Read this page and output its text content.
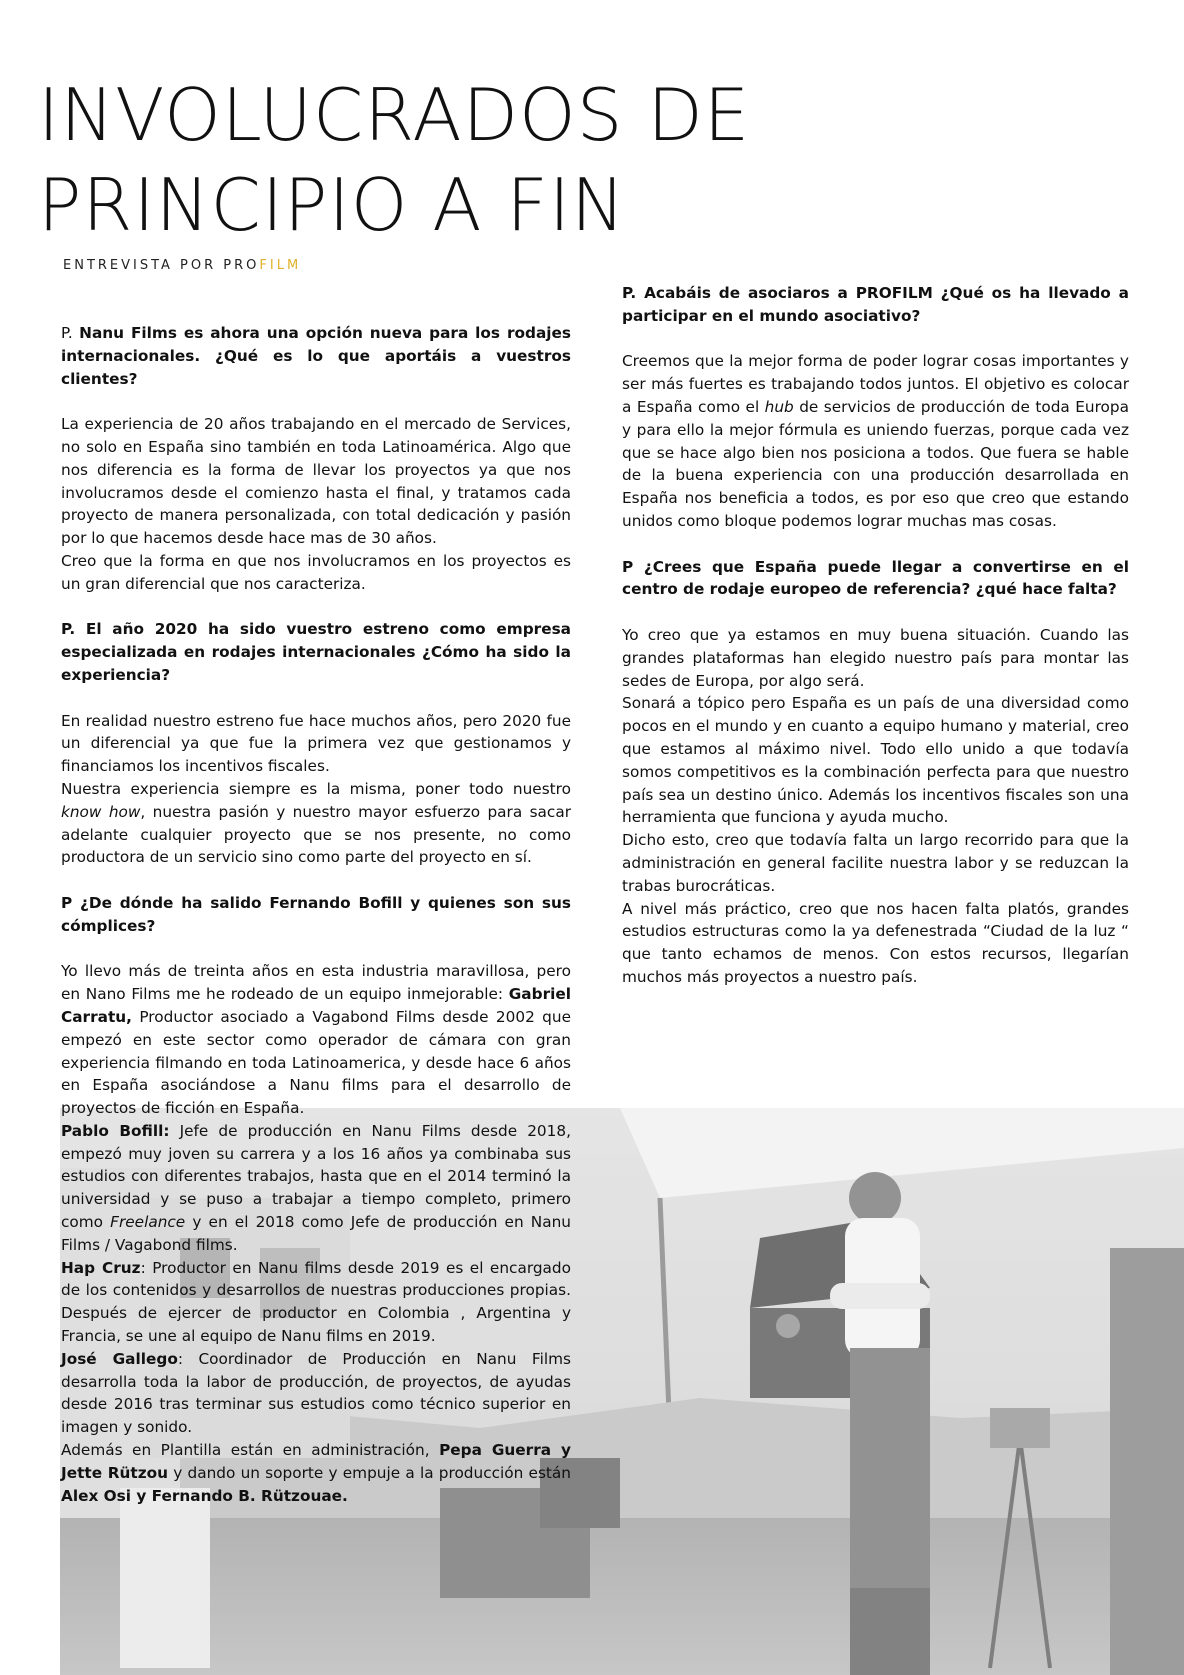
INVOLUCRADOS DE
PRINCIPIO A FIN
ENTREVISTA POR PROFILM

P. Nanu Films es ahora una opción nueva para los rodajes internacionales. ¿Qué es lo que aportáis a vuestros clientes?

La experiencia de 20 años trabajando en el mercado de Services, no solo en España sino también en toda Latinoamérica. Algo que nos diferencia es la forma de llevar los proyectos ya que nos involucramos desde el comienzo hasta el final, y tratamos cada proyecto de manera personalizada, con total dedicación y pasión por lo que hacemos desde hace mas de 30 años.

Creo que la forma en que nos involucramos en los proyectos es un gran diferencial que nos caracteriza.

P. El año 2020 ha sido vuestro estreno como empresa especializada en rodajes internacionales ¿Cómo ha sido la experiencia?

En realidad nuestro estreno fue hace muchos años, pero 2020 fue un diferencial ya que fue la primera vez que gestionamos y financiamos los incentivos fiscales.

Nuestra experiencia siempre es la misma, poner todo nuestro know how, nuestra pasión y nuestro mayor esfuerzo para sacar adelante cualquier proyecto que se nos presente, no como productora de un servicio sino como parte del proyecto en sí.

P ¿De dónde ha salido Fernando Bofill y quienes son sus cómplices?

Yo llevo más de treinta años en esta industria maravillosa, pero en Nano Films me he rodeado de un equipo inmejorable: Gabriel Carratu, Productor asociado a Vagabond Films desde 2002 que empezó en este sector como operador de cámara con gran experiencia filmando en toda Latinoamerica, y desde hace 6 años en España asociándose a Nanu films para el desarrollo de proyectos de ficción en España.

Pablo Bofill: Jefe de producción en Nanu Films desde 2018, empezó muy joven su carrera y a los 16 años ya combinaba sus estudios con diferentes trabajos, hasta que en el 2014 terminó la universidad y se puso a trabajar a tiempo completo, primero como Freelance y en el 2018 como Jefe de producción en Nanu Films / Vagabond films.

Hap Cruz: Productor en Nanu films desde 2019 es el encargado de los contenidos y desarrollos de nuestras producciones propias. Después de ejercer de productor en Colombia , Argentina y Francia, se une al equipo de Nanu films en 2019.

José Gallego: Coordinador de Producción en Nanu Films desarrolla toda la labor de producción, de proyectos, de ayudas desde 2016 tras terminar sus estudios como técnico superior en imagen y sonido.

Además en Plantilla están en administración, Pepa Guerra y Jette Rützou y dando un soporte y empuje a la producción están Alex Osi y Fernando B. Rützouae.

P. Acabáis de asociaros a PROFILM ¿Qué os ha llevado a participar en el mundo asociativo?

Creemos que la mejor forma de poder lograr cosas importantes y ser más fuertes es trabajando todos juntos. El objetivo es colocar a España como el hub de servicios de producción de toda Europa y para ello la mejor fórmula es uniendo fuerzas, porque cada vez que se hace algo bien nos posiciona a todos. Que fuera se hable de la buena experiencia con una producción desarrollada en España nos beneficia a todos, es por eso que creo que estando unidos como bloque podemos lograr muchas mas cosas.

P ¿Crees que España puede llegar a convertirse en el centro de rodaje europeo de referencia? ¿qué hace falta?

Yo creo que ya estamos en muy buena situación. Cuando las grandes plataformas han elegido nuestro país para montar las sedes de Europa, por algo será.

Sonará a tópico pero España es un país de una diversidad como pocos en el mundo y en cuanto a equipo humano y material, creo que estamos al máximo nivel. Todo ello unido a que todavía somos competitivos es la combinación perfecta para que nuestro país sea un destino único. Además los incentivos fiscales son una herramienta que funciona y ayuda mucho.

Dicho esto, creo que todavía falta un largo recorrido para que la administración en general facilite nuestra labor y se reduzcan la trabas burocráticas.

A nivel más práctico, creo que nos hacen falta platós, grandes estudios estructuras como la ya defenestrada “Ciudad de la luz “ que tanto echamos de menos. Con estos recursos, llegarían muchos más proyectos a nuestro país.
